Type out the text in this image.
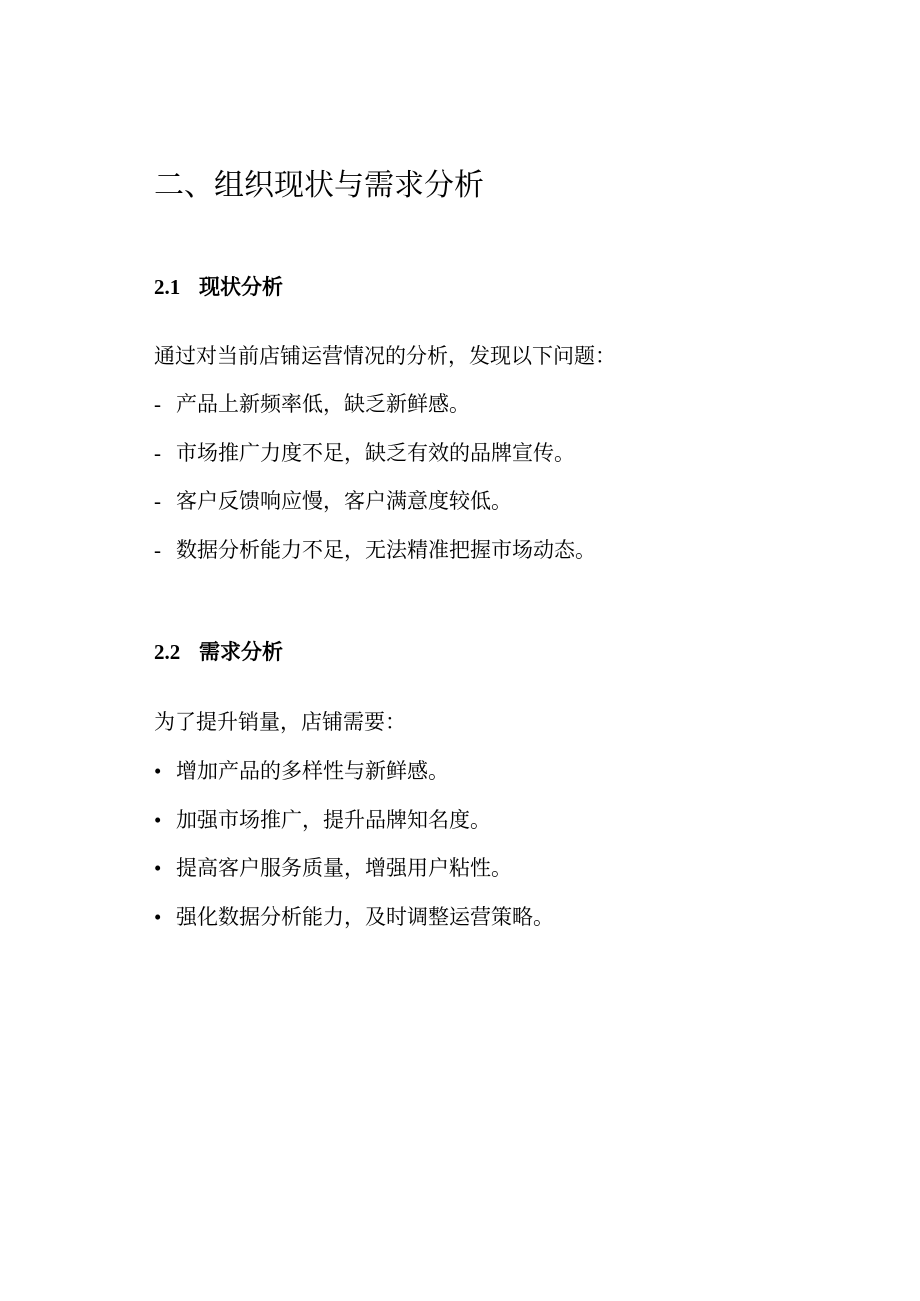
二、组织现状与需求分析
2.1 现状分析

通过对当前店铺运营情况的分析，发现以下问题：

- 产品上新频率低，缺乏新鲜感。
- 市场推广力度不足，缺乏有效的品牌宣传。
- 客户反馈响应慢，客户满意度较低。
- 数据分析能力不足，无法精准把握市场动态。
2.2 需求分析

为了提升销量，店铺需要：

• 增加产品的多样性与新鲜感。
• 加强市场推广，提升品牌知名度。
• 提高客户服务质量，增强用户粘性。
• 强化数据分析能力，及时调整运营策略。
